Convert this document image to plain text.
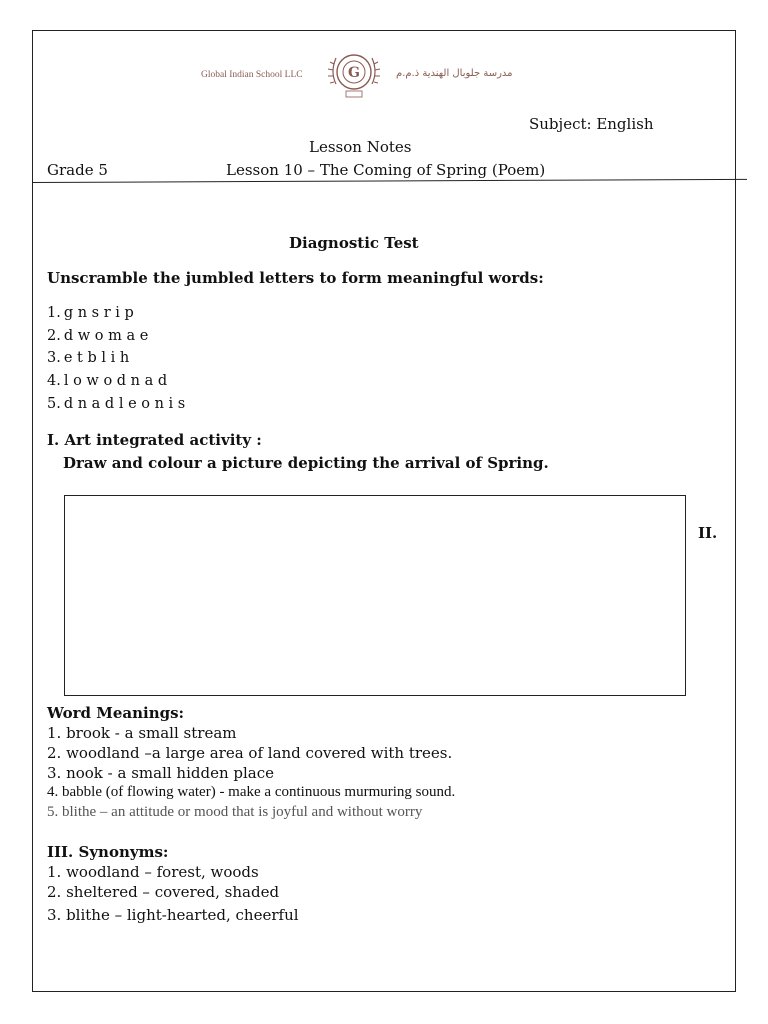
Global Indian School LLC	G	مدرسة جلوبال الهندية ذ.م.م
Subject: English
Lesson Notes
Grade 5	Lesson 10 – The Coming of Spring (Poem)
Diagnostic Test
Unscramble the jumbled letters to form meaningful words:
1. g n s r i p
2. d w o m a e
3. e t b l i h
4. l o w o d n a d
5. d n a d l e o n i s
I. Art integrated activity :
Draw and colour a picture depicting the arrival of Spring.
II.
Word Meanings:
1. brook - a small stream
2. woodland –a large area of land covered with trees.
3. nook - a small hidden place
4. babble (of flowing water) - make a continuous murmuring sound.
5. blithe – an attitude or mood that is joyful and without worry
III. Synonyms:
1. woodland – forest, woods
2. sheltered – covered, shaded
3. blithe – light-hearted, cheerful
